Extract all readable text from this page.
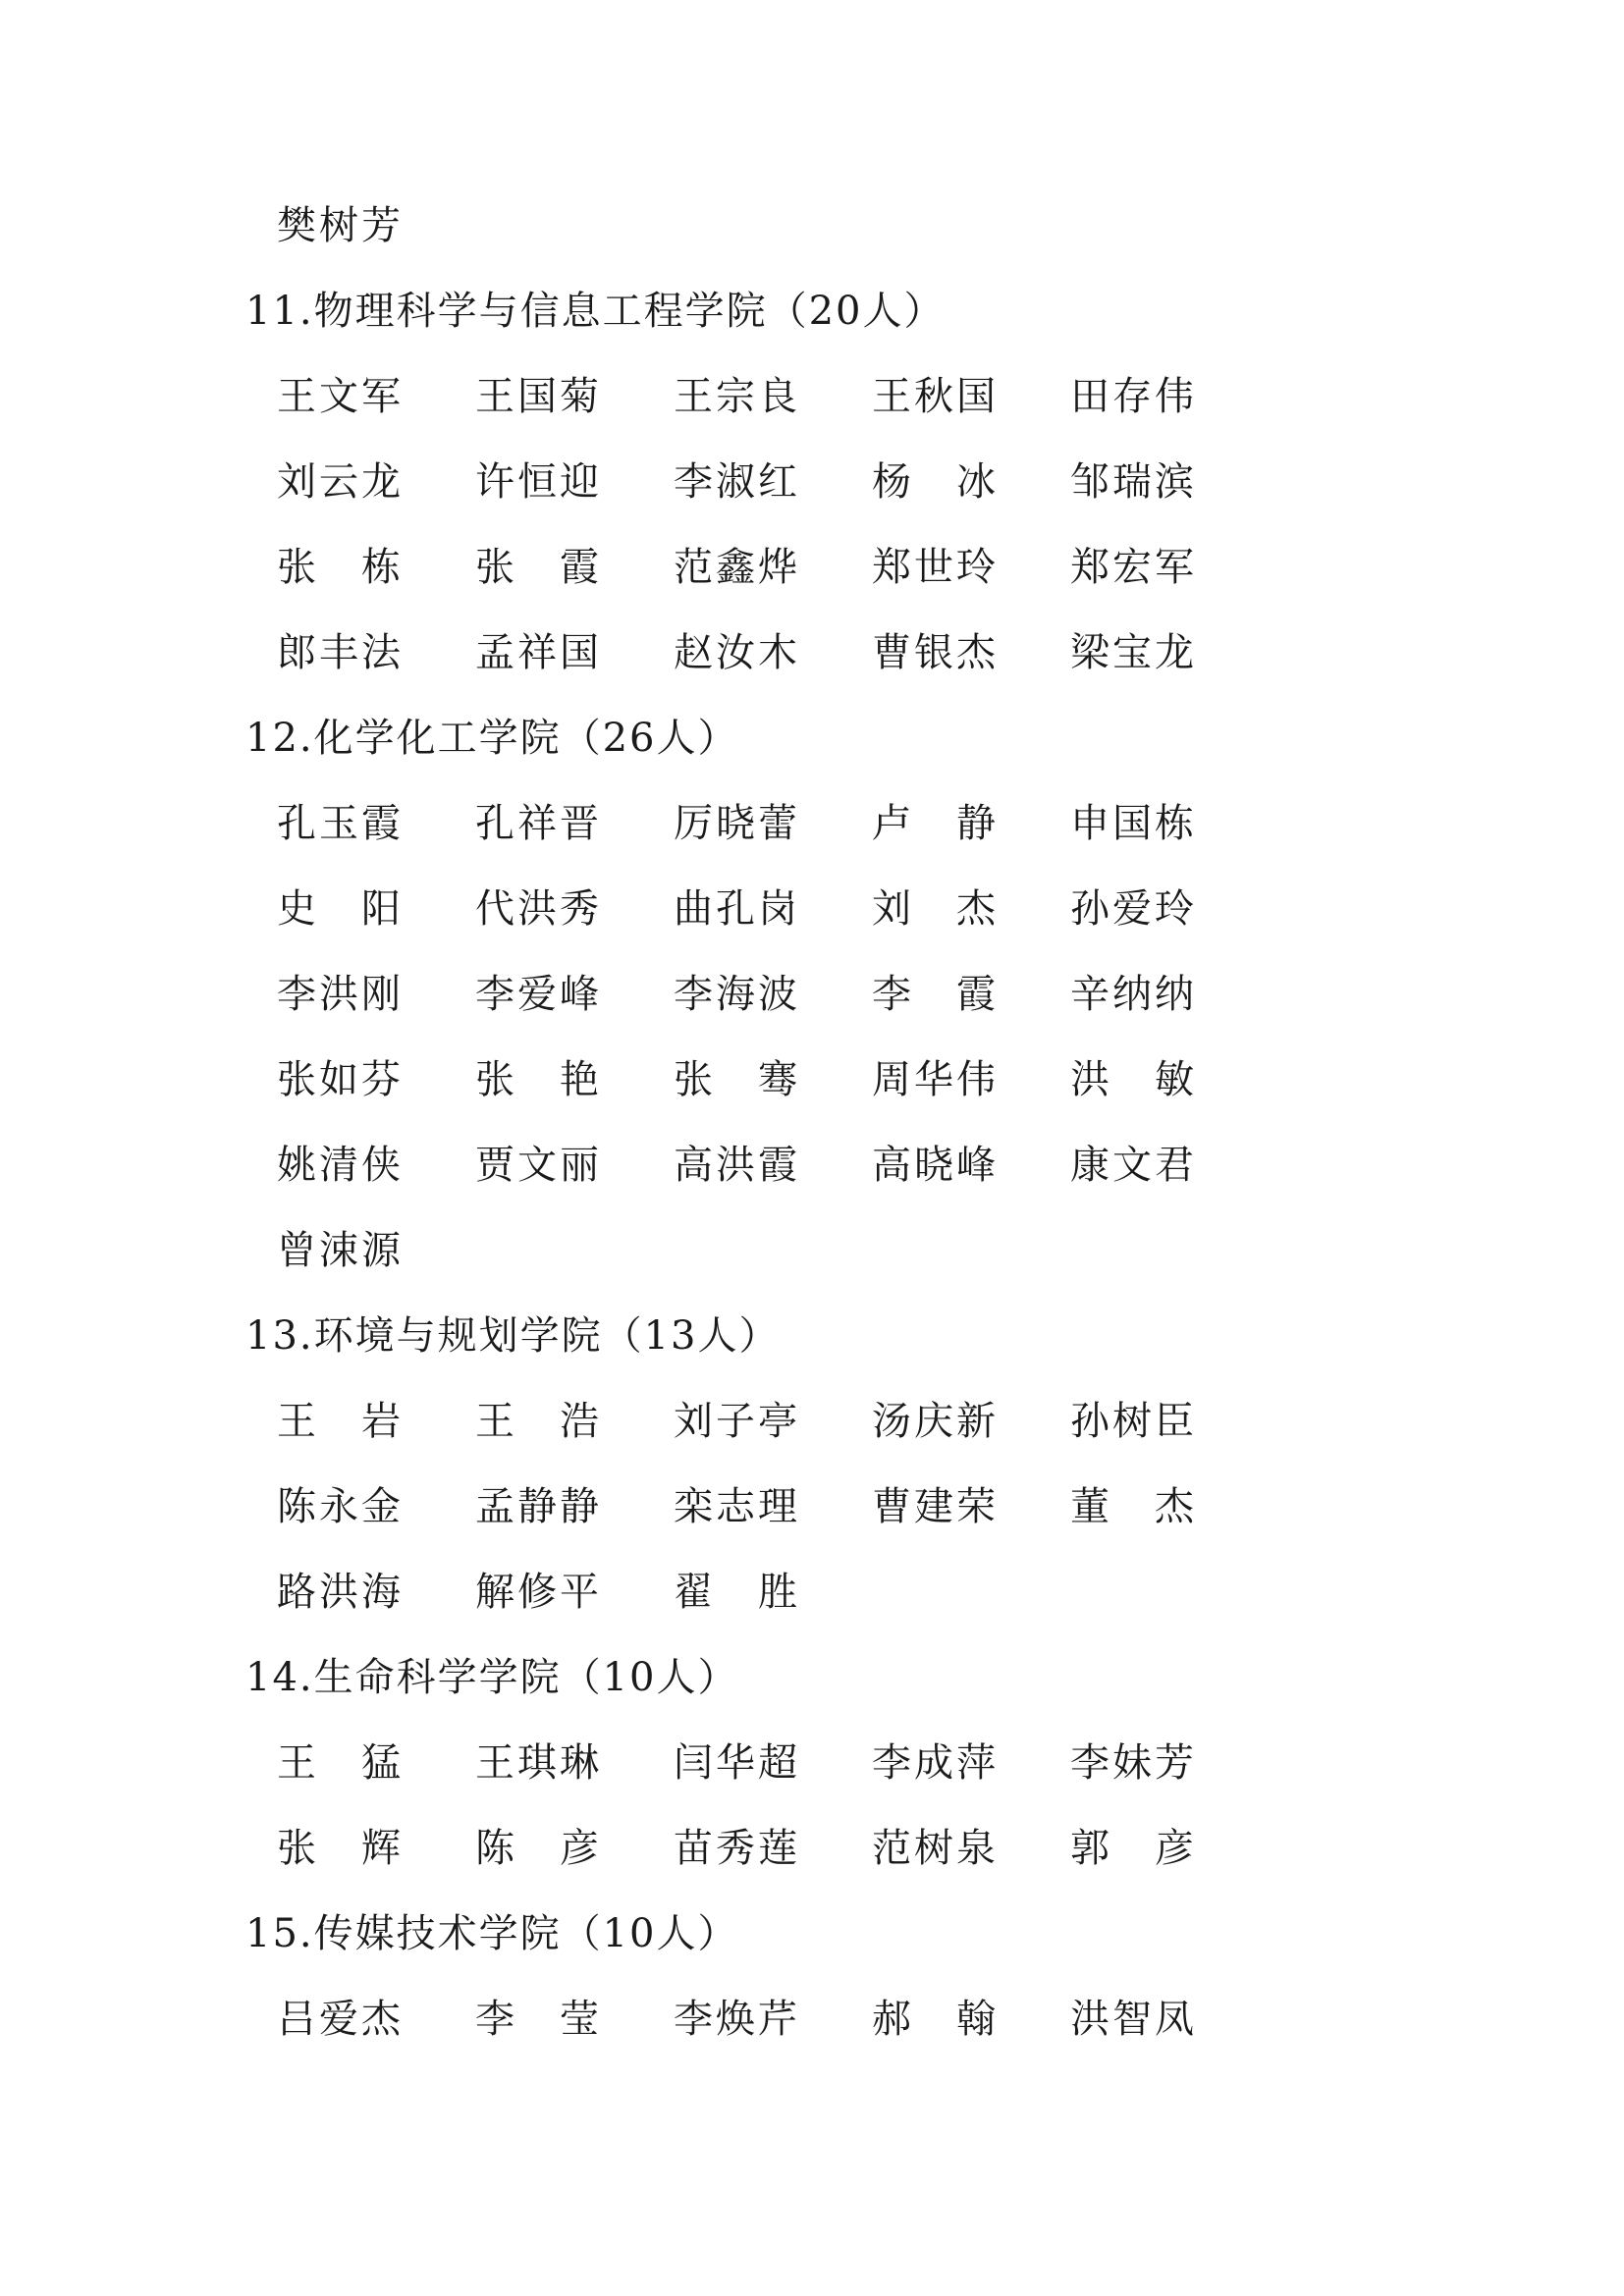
樊 树 芳
11.物理科学与信息工程学院（20人）
王 文 军 王 国 菊 王 宗 良 王 秋 国 田 存 伟
刘 云 龙 许 恒 迎 李 淑 红 杨 冰 邹 瑞 滨
张 栋 张 霞 范 鑫 烨 郑 世 玲 郑 宏 军
郎 丰 法 孟 祥 国 赵 汝 木 曹 银 杰 梁 宝 龙
12.化学化工学院（26人）
孔 玉 霞 孔 祥 晋 厉 晓 蕾 卢 静 申 国 栋
史 阳 代 洪 秀 曲 孔 岗 刘 杰 孙 爱 玲
李 洪 刚 李 爱 峰 李 海 波 李 霞 辛 纳 纳
张 如 芬 张 艳 张 骞 周 华 伟 洪 敏
姚 清 侠 贾 文 丽 高 洪 霞 高 晓 峰 康 文 君
曾 涑 源
13.环境与规划学院（13人）
王 岩 王 浩 刘 子 亭 汤 庆 新 孙 树 臣
陈 永 金 孟 静 静 栾 志 理 曹 建 荣 董 杰
路 洪 海 解 修 平 翟 胜
14.生命科学学院（10人）
王 猛 王 琪 琳 闫 华 超 李 成 萍 李 妹 芳
张 辉 陈 彦 苗 秀 莲 范 树 泉 郭 彦
15.传媒技术学院（10人）
吕 爱 杰 李 莹 李 焕 芹 郝 翰 洪 智 凤
